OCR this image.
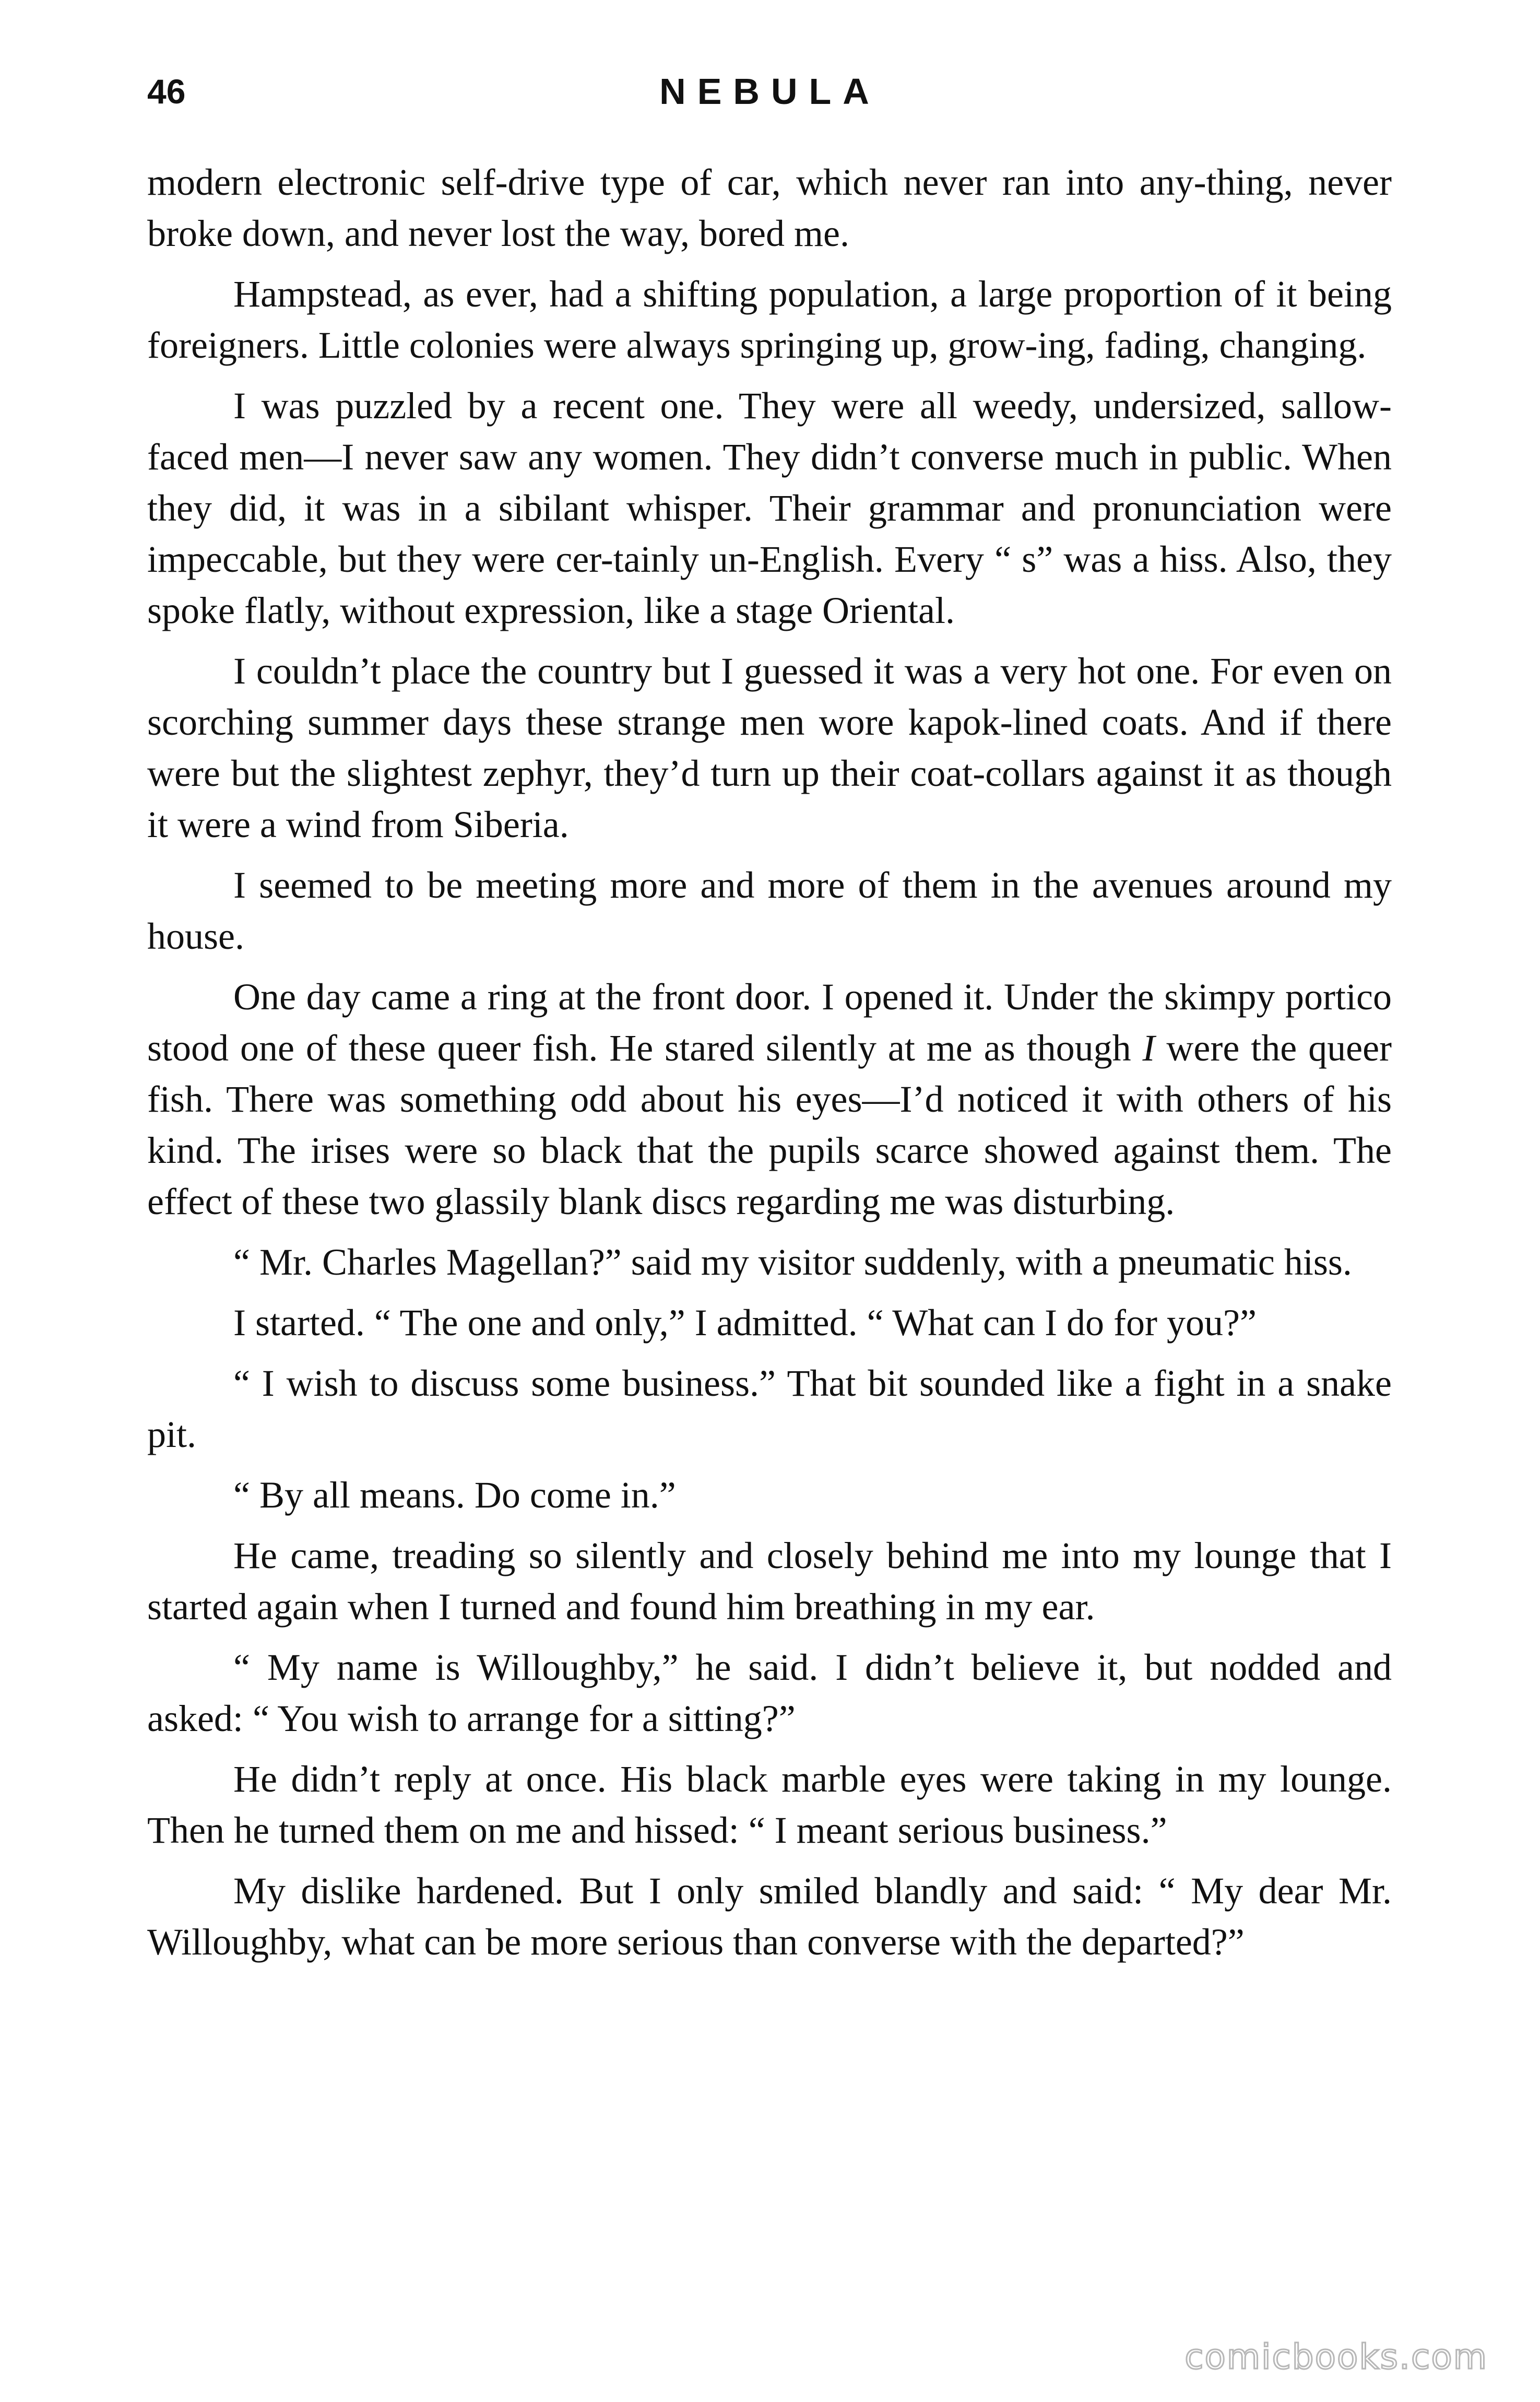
46	NEBULA

modern electronic self-drive type of car, which never ran into any-thing, never broke down, and never lost the way, bored me.

Hampstead, as ever, had a shifting population, a large proportion of it being foreigners. Little colonies were always springing up, grow-ing, fading, changing.

I was puzzled by a recent one. They were all weedy, undersized, sallow-faced men—I never saw any women. They didn’t converse much in public. When they did, it was in a sibilant whisper. Their grammar and pronunciation were impeccable, but they were cer-tainly un-English. Every “ s” was a hiss. Also, they spoke flatly, without expression, like a stage Oriental.

I couldn’t place the country but I guessed it was a very hot one. For even on scorching summer days these strange men wore kapok-lined coats. And if there were but the slightest zephyr, they’d turn up their coat-collars against it as though it were a wind from Siberia.

I seemed to be meeting more and more of them in the avenues around my house.

One day came a ring at the front door. I opened it. Under the skimpy portico stood one of these queer fish. He stared silently at me as though I were the queer fish. There was something odd about his eyes—I’d noticed it with others of his kind. The irises were so black that the pupils scarce showed against them. The effect of these two glassily blank discs regarding me was disturbing.

“ Mr. Charles Magellan?” said my visitor suddenly, with a pneumatic hiss.

I started. “ The one and only,” I admitted. “ What can I do for you?”

“ I wish to discuss some business.” That bit sounded like a fight in a snake pit.

“ By all means. Do come in.”

He came, treading so silently and closely behind me into my lounge that I started again when I turned and found him breathing in my ear.

“ My name is Willoughby,” he said. I didn’t believe it, but nodded and asked: “ You wish to arrange for a sitting?”

He didn’t reply at once. His black marble eyes were taking in my lounge. Then he turned them on me and hissed: “ I meant serious business.”

My dislike hardened. But I only smiled blandly and said: “ My dear Mr. Willoughby, what can be more serious than converse with the departed?”

comicbooks.com
